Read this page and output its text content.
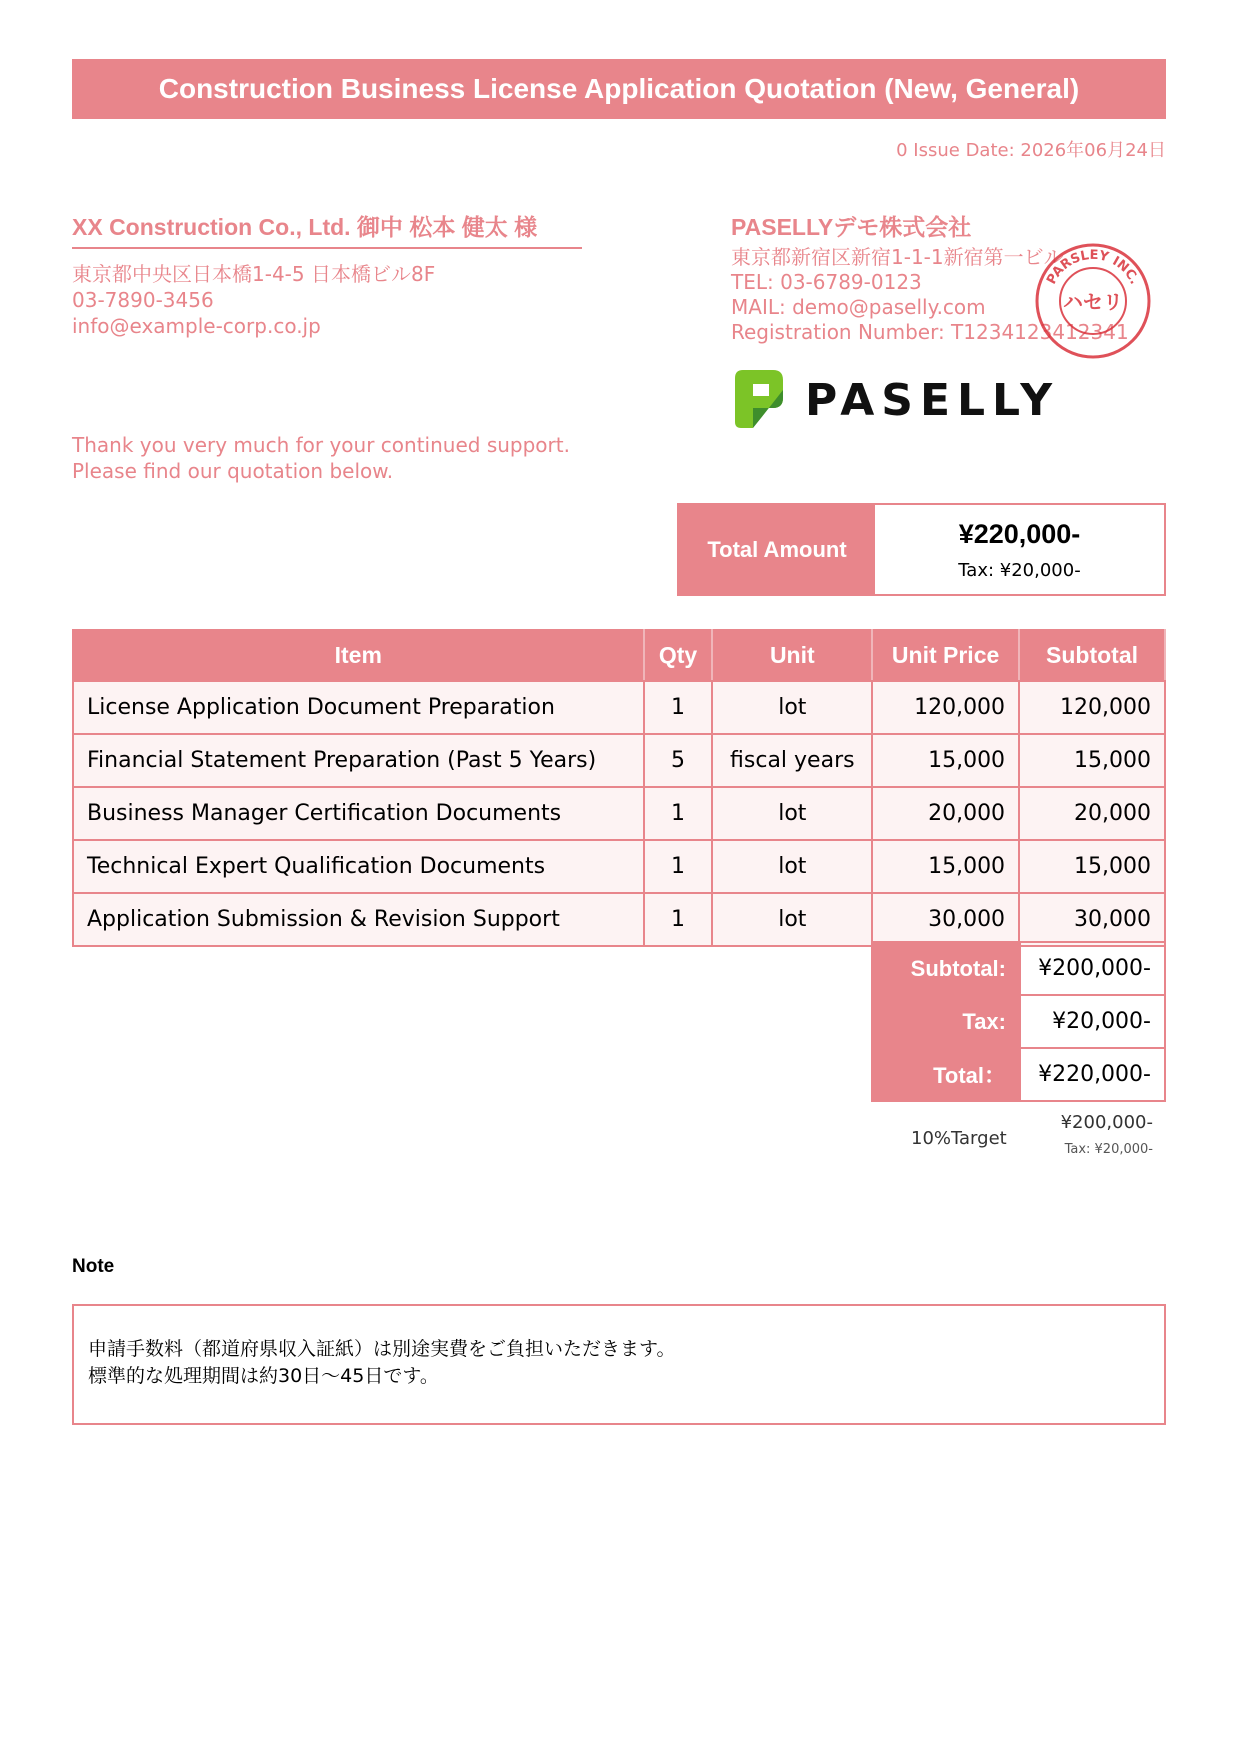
Construction Business License Application Quotation (New, General)
0 Issue Date: 2026年06月24日
XX Construction Co., Ltd. 御中 松本 健太 様
東京都中央区日本橋1-4-5 日本橋ビル8F
03-7890-3456
info@example-corp.co.jp
Thank you very much for your continued support.
Please find our quotation below.
PASELLYデモ株式会社
東京都新宿区新宿1-1-1新宿第一ビル
TEL: 03-6789-0123
MAIL: demo@paselly.com
Registration Number: T1234123412341
PARSLEY INC.
ハセリ
PASELLY
Total Amount
¥220,000-
Tax: ¥20,000-
Item	Qty	Unit	Unit Price	Subtotal
License Application Document Preparation	1	lot	120,000	120,000
Financial Statement Preparation (Past 5 Years)	5	fiscal years	15,000	15,000
Business Manager Certification Documents	1	lot	20,000	20,000
Technical Expert Qualification Documents	1	lot	15,000	15,000
Application Submission & Revision Support	1	lot	30,000	30,000
Subtotal:	¥200,000-
Tax:	¥20,000-
Total：	¥220,000-
10%Target
¥200,000-
Tax: ¥20,000-
Note
申請手数料（都道府県収入証紙）は別途実費をご負担いただきます。
標準的な処理期間は約30日～45日です。
